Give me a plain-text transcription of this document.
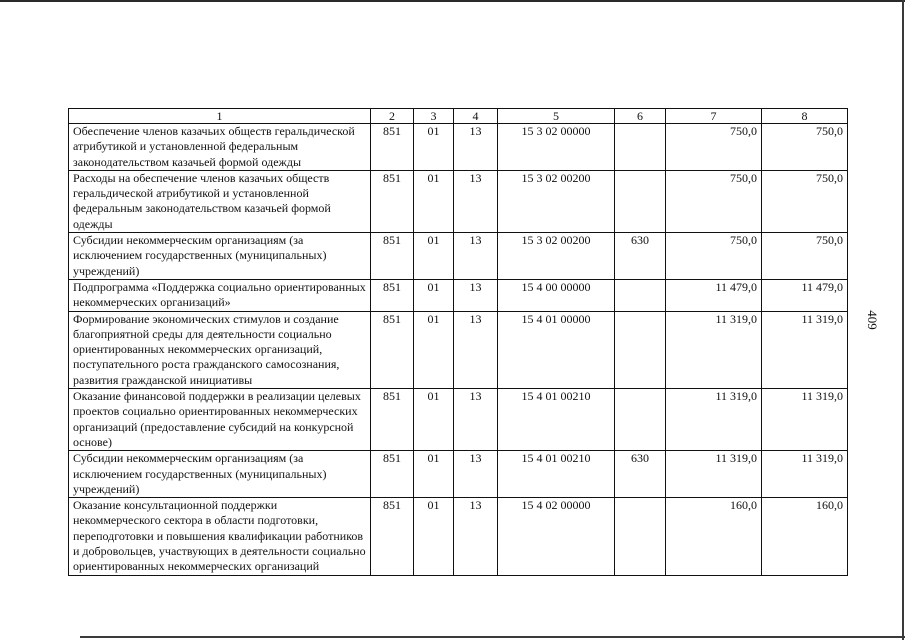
409
1	2	3	4	5	6	7	8
Обеспечение членов казачьих обществ геральдической атрибутикой и установленной федеральным законодательством казачьей формой одежды	851	01	13	15 3 02 00000		750,0	750,0
Расходы на обеспечение членов казачьих обществ геральдической атрибутикой и установленной федеральным законодательством казачьей формой одежды	851	01	13	15 3 02 00200		750,0	750,0
Субсидии некоммерческим организациям (за исключением государственных (муниципальных) учреждений)	851	01	13	15 3 02 00200	630	750,0	750,0
Подпрограмма «Поддержка социально ориентированных некоммерческих организаций»	851	01	13	15 4 00 00000		11 479,0	11 479,0
Формирование экономических стимулов и создание благоприятной среды для деятельности социально ориентированных некоммерческих организаций, поступательного роста гражданского самосознания, развития гражданской инициативы	851	01	13	15 4 01 00000		11 319,0	11 319,0
Оказание финансовой поддержки в реализации целевых проектов социально ориентированных некоммерческих организаций (предоставление субсидий на конкурсной основе)	851	01	13	15 4 01 00210		11 319,0	11 319,0
Субсидии некоммерческим организациям (за исключением государственных (муниципальных) учреждений)	851	01	13	15 4 01 00210	630	11 319,0	11 319,0
Оказание консультационной поддержки некоммерческого сектора в области подготовки, переподготовки и повышения квалификации работников и добровольцев, участвующих в деятельности социально ориентированных некоммерческих организаций	851	01	13	15 4 02 00000		160,0	160,0
